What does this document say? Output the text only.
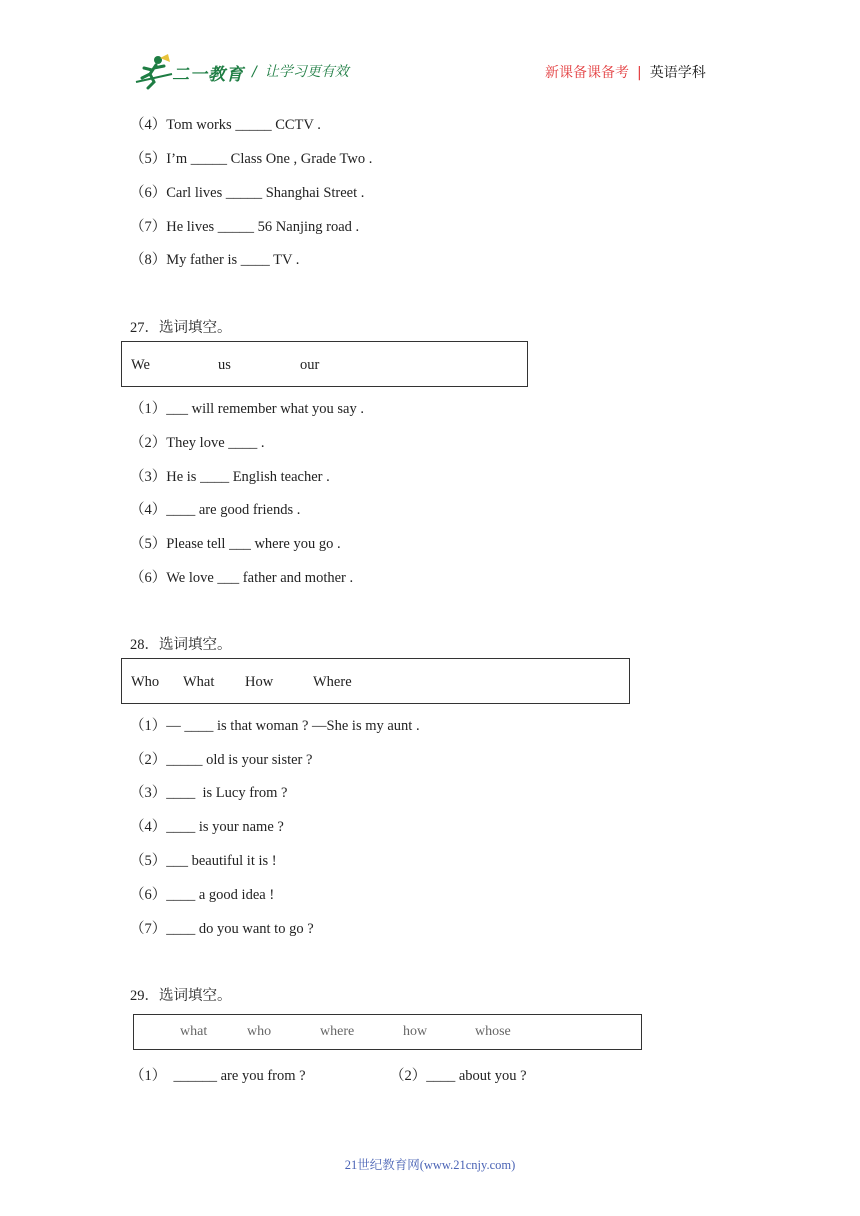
二一教育 / 让学习更有效	新课备课备考 | 英语学科
（4）Tom works _____ CCTV .
（5）I’m _____ Class One , Grade Two .
（6）Carl lives _____ Shanghai Street .
（7）He lives _____ 56 Nanjing road .
（8）My father is ____ TV .
27．选词填空。
We	us	our
（1）___ will remember what you say .
（2）They love ____ .
（3）He is ____ English teacher .
（4）____ are good friends .
（5）Please tell ___ where you go .
（6）We love ___ father and mother .
28．选词填空。
Who What How	Where
（1）— ____ is that woman ? —She is my aunt .
（2）_____ old is your sister ?
（3）____  is Lucy from ?
（4）____ is your name ?
（5）___ beautiful it is !
（6）____ a good idea !
（7）____ do you want to go ?
29．选词填空。
what	who	where	how	whose
（1）  ______ are you from ?	（2）____ about you ?
21世纪教育网(www.21cnjy.com)
